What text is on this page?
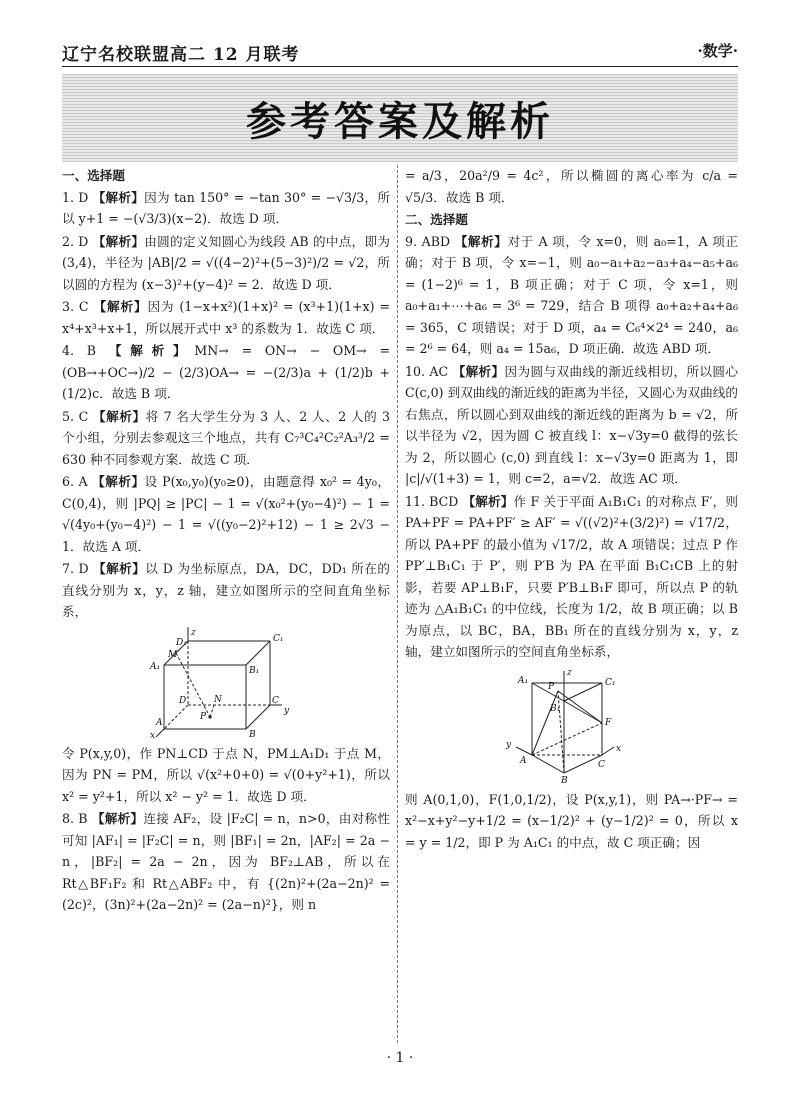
辽宁名校联盟高二 12 月联考	·数学·
参考答案及解析
一、选择题

1. D 【解析】因为 tan 150° = −tan 30° = −√3/3，所以 y+1 = −(√3/3)(x−2)．故选 D 项．

2. D 【解析】由圆的定义知圆心为线段 AB 的中点，即为 (3,4)，半径为 |AB|/2 = √((4−2)²+(5−3)²)/2 = √2，所以圆的方程为 (x−3)²+(y−4)² = 2．故选 D 项．

3. C 【解析】因为 (1−x+x²)(1+x)² = (x³+1)(1+x) = x⁴+x³+x+1，所以展开式中 x³ 的系数为 1．故选 C 项．

4. B 【解析】MN→ = ON→ − OM→ = (OB→+OC→)/2 − (2/3)OA→ = −(2/3)a + (1/2)b + (1/2)c．故选 B 项．

5. C 【解析】将 7 名大学生分为 3 人、2 人、2 人的 3 个小组，分别去参观这三个地点，共有 C₇³C₄²C₂²A₃³/2 = 630 种不同参观方案．故选 C 项．

6. A 【解析】设 P(x₀,y₀)(y₀≥0)，由题意得 x₀² = 4y₀，C(0,4)，则 |PQ| ≥ |PC| − 1 = √(x₀²+(y₀−4)²) − 1 = √(4y₀+(y₀−4)²) − 1 = √((y₀−2)²+12) − 1 ≥ 2√3 − 1．故选 A 项．

7. D 【解析】以 D 为坐标原点，DA，DC，DD₁ 所在的直线分别为 x，y，z 轴，建立如图所示的空间直角坐标系，

z
D₁	C₁
A₁
M
B₁
D	N	C
P
y
A
B
x

令 P(x,y,0)，作 PN⊥CD 于点 N，PM⊥A₁D₁ 于点 M，因为 PN = PM，所以 √(x²+0+0) = √(0+y²+1)，所以 x² = y²+1，所以 x² − y² = 1．故选 D 项．

8. B 【解析】连接 AF₂，设 |F₂C| = n，n>0，由对称性可知 |AF₁| = |F₂C| = n，则 |BF₁| = 2n，|AF₂| = 2a − n，|BF₂| = 2a − 2n，因为 BF₂⊥AB，所以在 Rt△BF₁F₂ 和 Rt△ABF₂ 中，有 {(2n)²+(2a−2n)² = (2c)²，(3n)²+(2a−2n)² = (2a−n)²}，则 n

= a/3，20a²/9 = 4c²，所以椭圆的离心率为 c/a = √5/3．故选 B 项．

二、选择题

9. ABD 【解析】对于 A 项，令 x=0，则 a₀=1，A 项正确；对于 B 项，令 x=−1，则 a₀−a₁+a₂−a₃+a₄−a₅+a₆ = (1−2)⁶ = 1，B 项正确；对于 C 项，令 x=1，则 a₀+a₁+⋯+a₆ = 3⁶ = 729，结合 B 项得 a₀+a₂+a₄+a₆ = 365，C 项错误；对于 D 项，a₄ = C₆⁴×2⁴ = 240，a₆ = 2⁶ = 64，则 a₄ = 15a₆，D 项正确．故选 ABD 项．

10. AC 【解析】因为圆与双曲线的渐近线相切，所以圆心 C(c,0) 到双曲线的渐近线的距离为半径，又圆心为双曲线的右焦点，所以圆心到双曲线的渐近线的距离为 b = √2，所以半径为 √2，因为圆 C 被直线 l：x−√3y=0 截得的弦长为 2，所以圆心 (c,0) 到直线 l：x−√3y=0 距离为 1，即 |c|/√(1+3) = 1，则 c=2，a=√2．故选 AC 项．

11. BCD 【解析】作 F 关于平面 A₁B₁C₁ 的对称点 F′，则 PA+PF = PA+PF′ ≥ AF′ = √((√2)²+(3/2)²) = √17/2，所以 PA+PF 的最小值为 √17/2，故 A 项错误；过点 P 作 PP′⊥B₁C₁ 于 P′，则 P′B 为 PA 在平面 B₁C₁CB 上的射影，若要 AP⊥B₁F，只要 P′B⊥B₁F 即可，所以点 P 的轨迹为 △A₁B₁C₁ 的中位线，长度为 1/2，故 B 项正确；以 B 为原点，以 BC，BA，BB₁ 所在的直线分别为 x，y，z 轴，建立如图所示的空间直角坐标系，

A₁
z
P	C₁
B₁
F
y
A	C
x
B

则 A(0,1,0)，F(1,0,1/2)，设 P(x,y,1)，则 PA→·PF→ = x²−x+y²−y+1/2 = (x−1/2)² + (y−1/2)² = 0，所以 x = y = 1/2，即 P 为 A₁C₁ 的中点，故 C 项正确；因

· 1 ·
